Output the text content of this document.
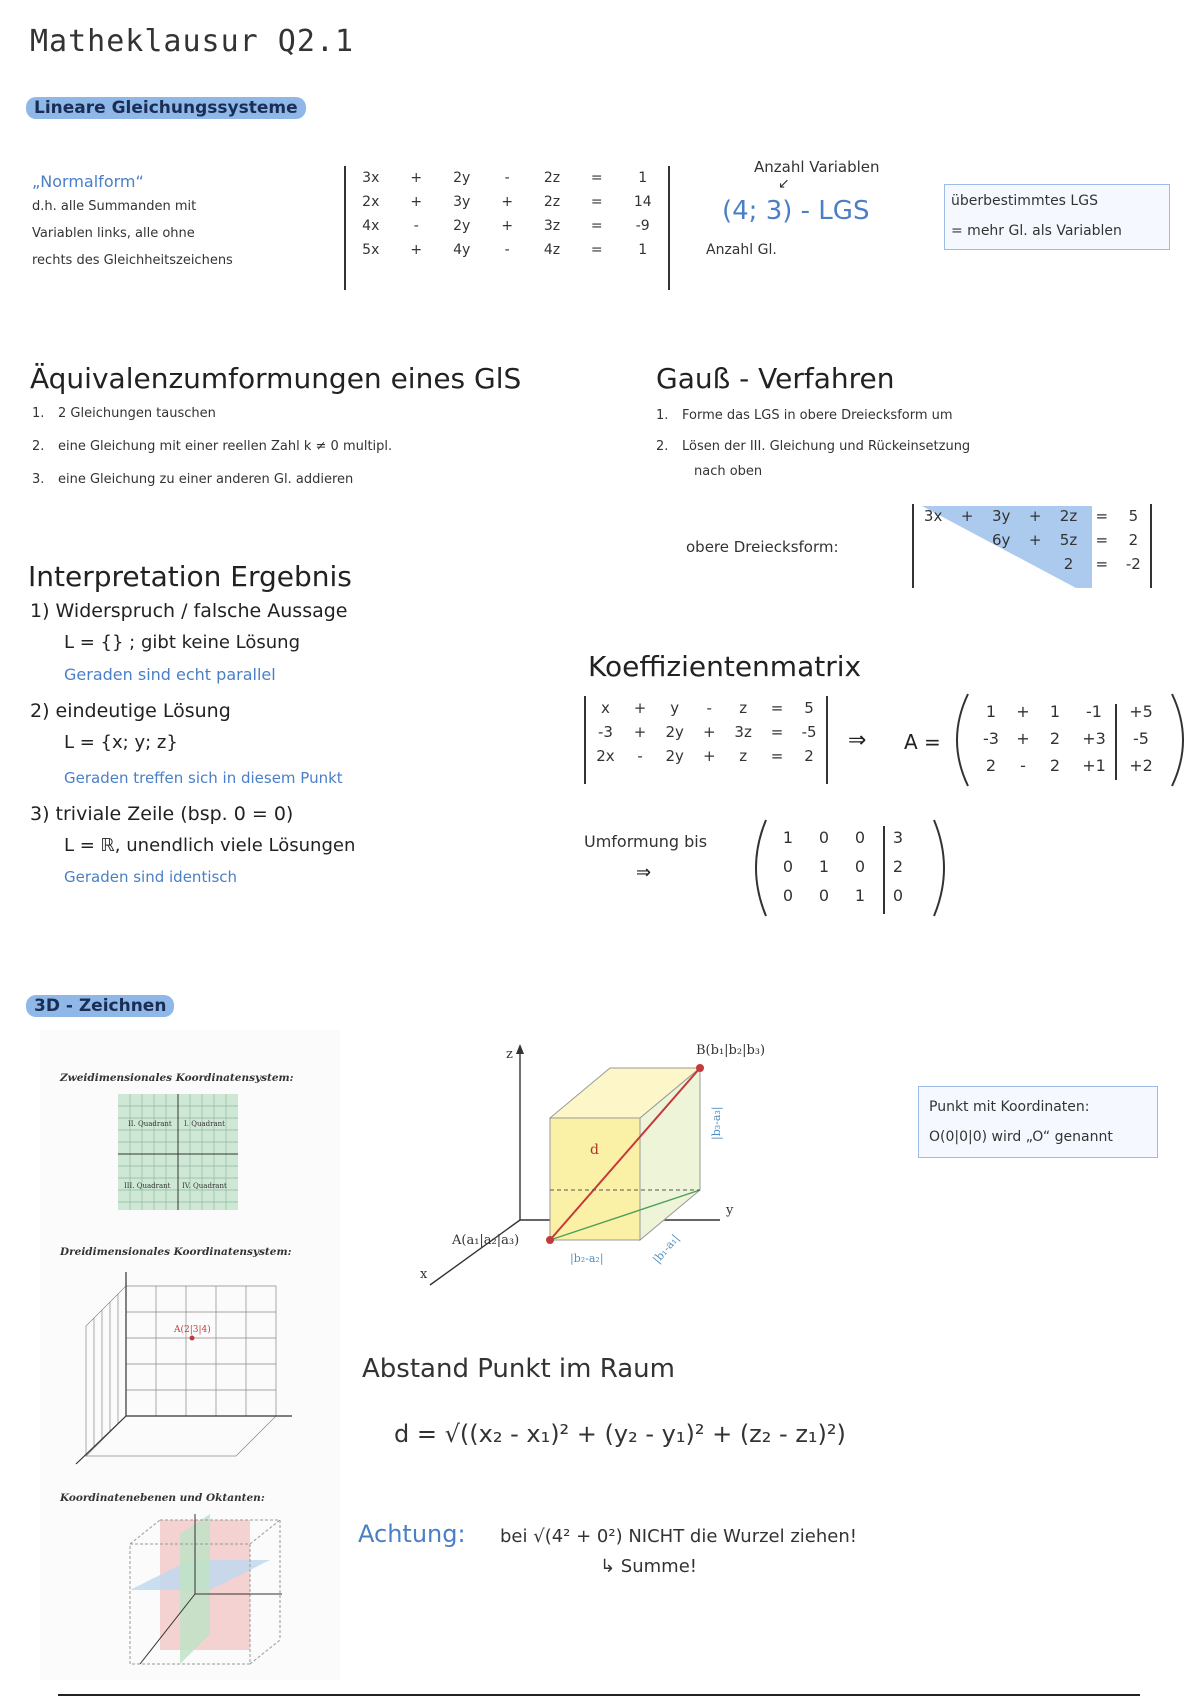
Matheklausur Q2.1
Lineare Gleichungssysteme
„Normalform“
d.h. alle Summanden mit
Variablen links, alle ohne
rechts des Gleichheitszeichens
3x	+	2y	-	2z	=	1
2x	+	3y	+	2z	=	14
4x	-	2y	+	3z	=	-9
5x	+	4y	-	4z	=	1
Anzahl Variablen
↙
(4; 3) - LGS
Anzahl Gl.
überbestimmtes LGS
= mehr Gl. als Variablen
Äquivalenzumformungen eines GlS
1. 2 Gleichungen tauschen
2. eine Gleichung mit einer reellen Zahl k ≠ 0 multipl.
3. eine Gleichung zu einer anderen Gl. addieren
Gauß - Verfahren
1. Forme das LGS in obere Dreiecksform um
2. Lösen der III. Gleichung und Rückeinsetzung
nach oben
obere Dreiecksform:
3x	+	3y	+	2z	=	5
		6y	+	5z	=	2
				2	=	-2
Interpretation Ergebnis
1) Widerspruch / falsche Aussage
L = {} ; gibt keine Lösung
Geraden sind echt parallel
2) eindeutige Lösung
L = {x; y; z}
Geraden treffen sich in diesem Punkt
3) triviale Zeile (bsp. 0 = 0)
L = ℝ, unendlich viele Lösungen
Geraden sind identisch
Koeffizientenmatrix
x	+	y	-	z	=	5
-3	+	2y	+	3z	=	-5
2x	-	2y	+	z	=	2
⇒ A =
1	+	1	-1	+5
-3	+	2	+3	-5
2	-	2	+1	+2
Umformung bis
⇒
1	0	0	3
0	1	0	2
0	0	1	0
3D - Zeichnen
Zweidimensionales Koordinatensystem:
II. Quadrant I. Quadrant
III. Quadrant IV. Quadrant
Dreidimensionales Koordinatensystem:
A(2|3|4)
Koordinatenebenen und Oktanten:
z
y
x
A(a₁|a₂|a₃)
B(b₁|b₂|b₃)
d
|b₂-a₂|	|b₁-a₁|
|b₃-a₃|	Punkt mit Koordinaten:
O(0|0|0) wird „O“ genannt
Abstand Punkt im Raum
d = √((x₂ - x₁)² + (y₂ - y₁)² + (z₂ - z₁)²)
Achtung: bei √(4² + 0²) NICHT die Wurzel ziehen!
↳ Summe!
